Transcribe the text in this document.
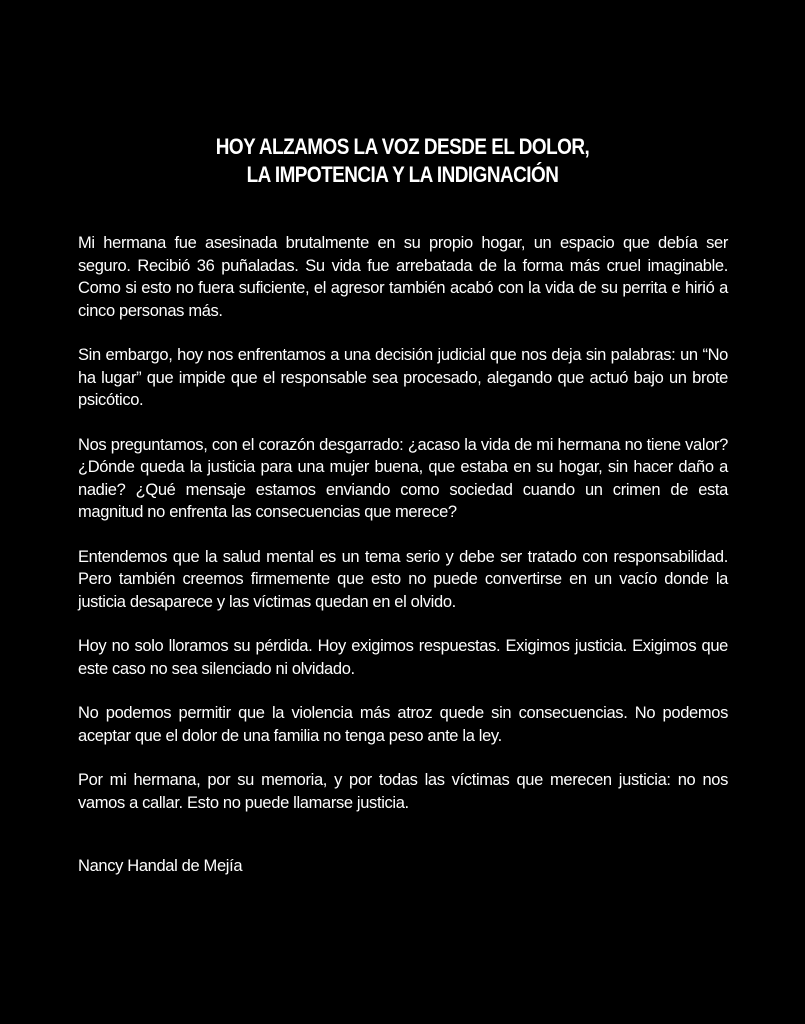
HOY ALZAMOS LA VOZ DESDE EL DOLOR,
LA IMPOTENCIA Y LA INDIGNACIÓN

Mi hermana fue asesinada brutalmente en su propio hogar, un espacio que debía ser seguro. Recibió 36 puñaladas. Su vida fue arrebatada de la forma más cruel imaginable. Como si esto no fuera suficiente, el agresor también acabó con la vida de su perrita e hirió a cinco personas más.

Sin embargo, hoy nos enfrentamos a una decisión judicial que nos deja sin palabras: un “No ha lugar” que impide que el responsable sea procesado, alegando que actuó bajo un brote psicótico.

Nos preguntamos, con el corazón desgarrado: ¿acaso la vida de mi hermana no tiene valor? ¿Dónde queda la justicia para una mujer buena, que estaba en su hogar, sin hacer daño a nadie? ¿Qué mensaje estamos enviando como sociedad cuando un crimen de esta magnitud no enfrenta las consecuencias que merece?

Entendemos que la salud mental es un tema serio y debe ser tratado con responsabilidad. Pero también creemos firmemente que esto no puede convertirse en un vacío donde la justicia desaparece y las víctimas quedan en el olvido.

Hoy no solo lloramos su pérdida. Hoy exigimos respuestas. Exigimos justicia. Exigimos que este caso no sea silenciado ni olvidado.

No podemos permitir que la violencia más atroz quede sin consecuencias. No podemos aceptar que el dolor de una familia no tenga peso ante la ley.

Por mi hermana, por su memoria, y por todas las víctimas que merecen justicia: no nos vamos a callar. Esto no puede llamarse justicia.

Nancy Handal de Mejía
